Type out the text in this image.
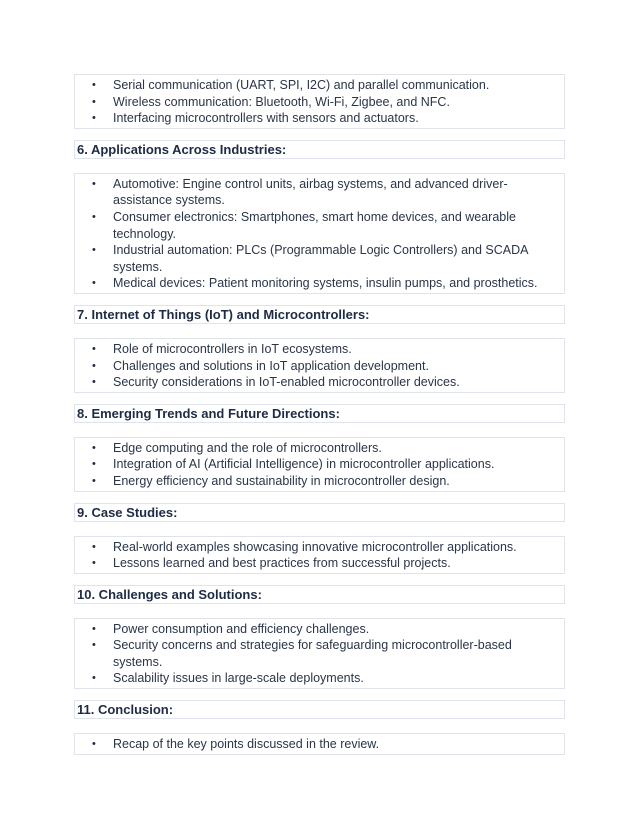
• Serial communication (UART, SPI, I2C) and parallel communication.
• Wireless communication: Bluetooth, Wi-Fi, Zigbee, and NFC.
• Interfacing microcontrollers with sensors and actuators.
6. Applications Across Industries:
• Automotive: Engine control units, airbag systems, and advanced driver-assistance systems.
• Consumer electronics: Smartphones, smart home devices, and wearable technology.
• Industrial automation: PLCs (Programmable Logic Controllers) and SCADA systems.
• Medical devices: Patient monitoring systems, insulin pumps, and prosthetics.
7. Internet of Things (IoT) and Microcontrollers:
• Role of microcontrollers in IoT ecosystems.
• Challenges and solutions in IoT application development.
• Security considerations in IoT-enabled microcontroller devices.
8. Emerging Trends and Future Directions:
• Edge computing and the role of microcontrollers.
• Integration of AI (Artificial Intelligence) in microcontroller applications.
• Energy efficiency and sustainability in microcontroller design.
9. Case Studies:
• Real-world examples showcasing innovative microcontroller applications.
• Lessons learned and best practices from successful projects.
10. Challenges and Solutions:
• Power consumption and efficiency challenges.
• Security concerns and strategies for safeguarding microcontroller-based systems.
• Scalability issues in large-scale deployments.
11. Conclusion:
• Recap of the key points discussed in the review.
